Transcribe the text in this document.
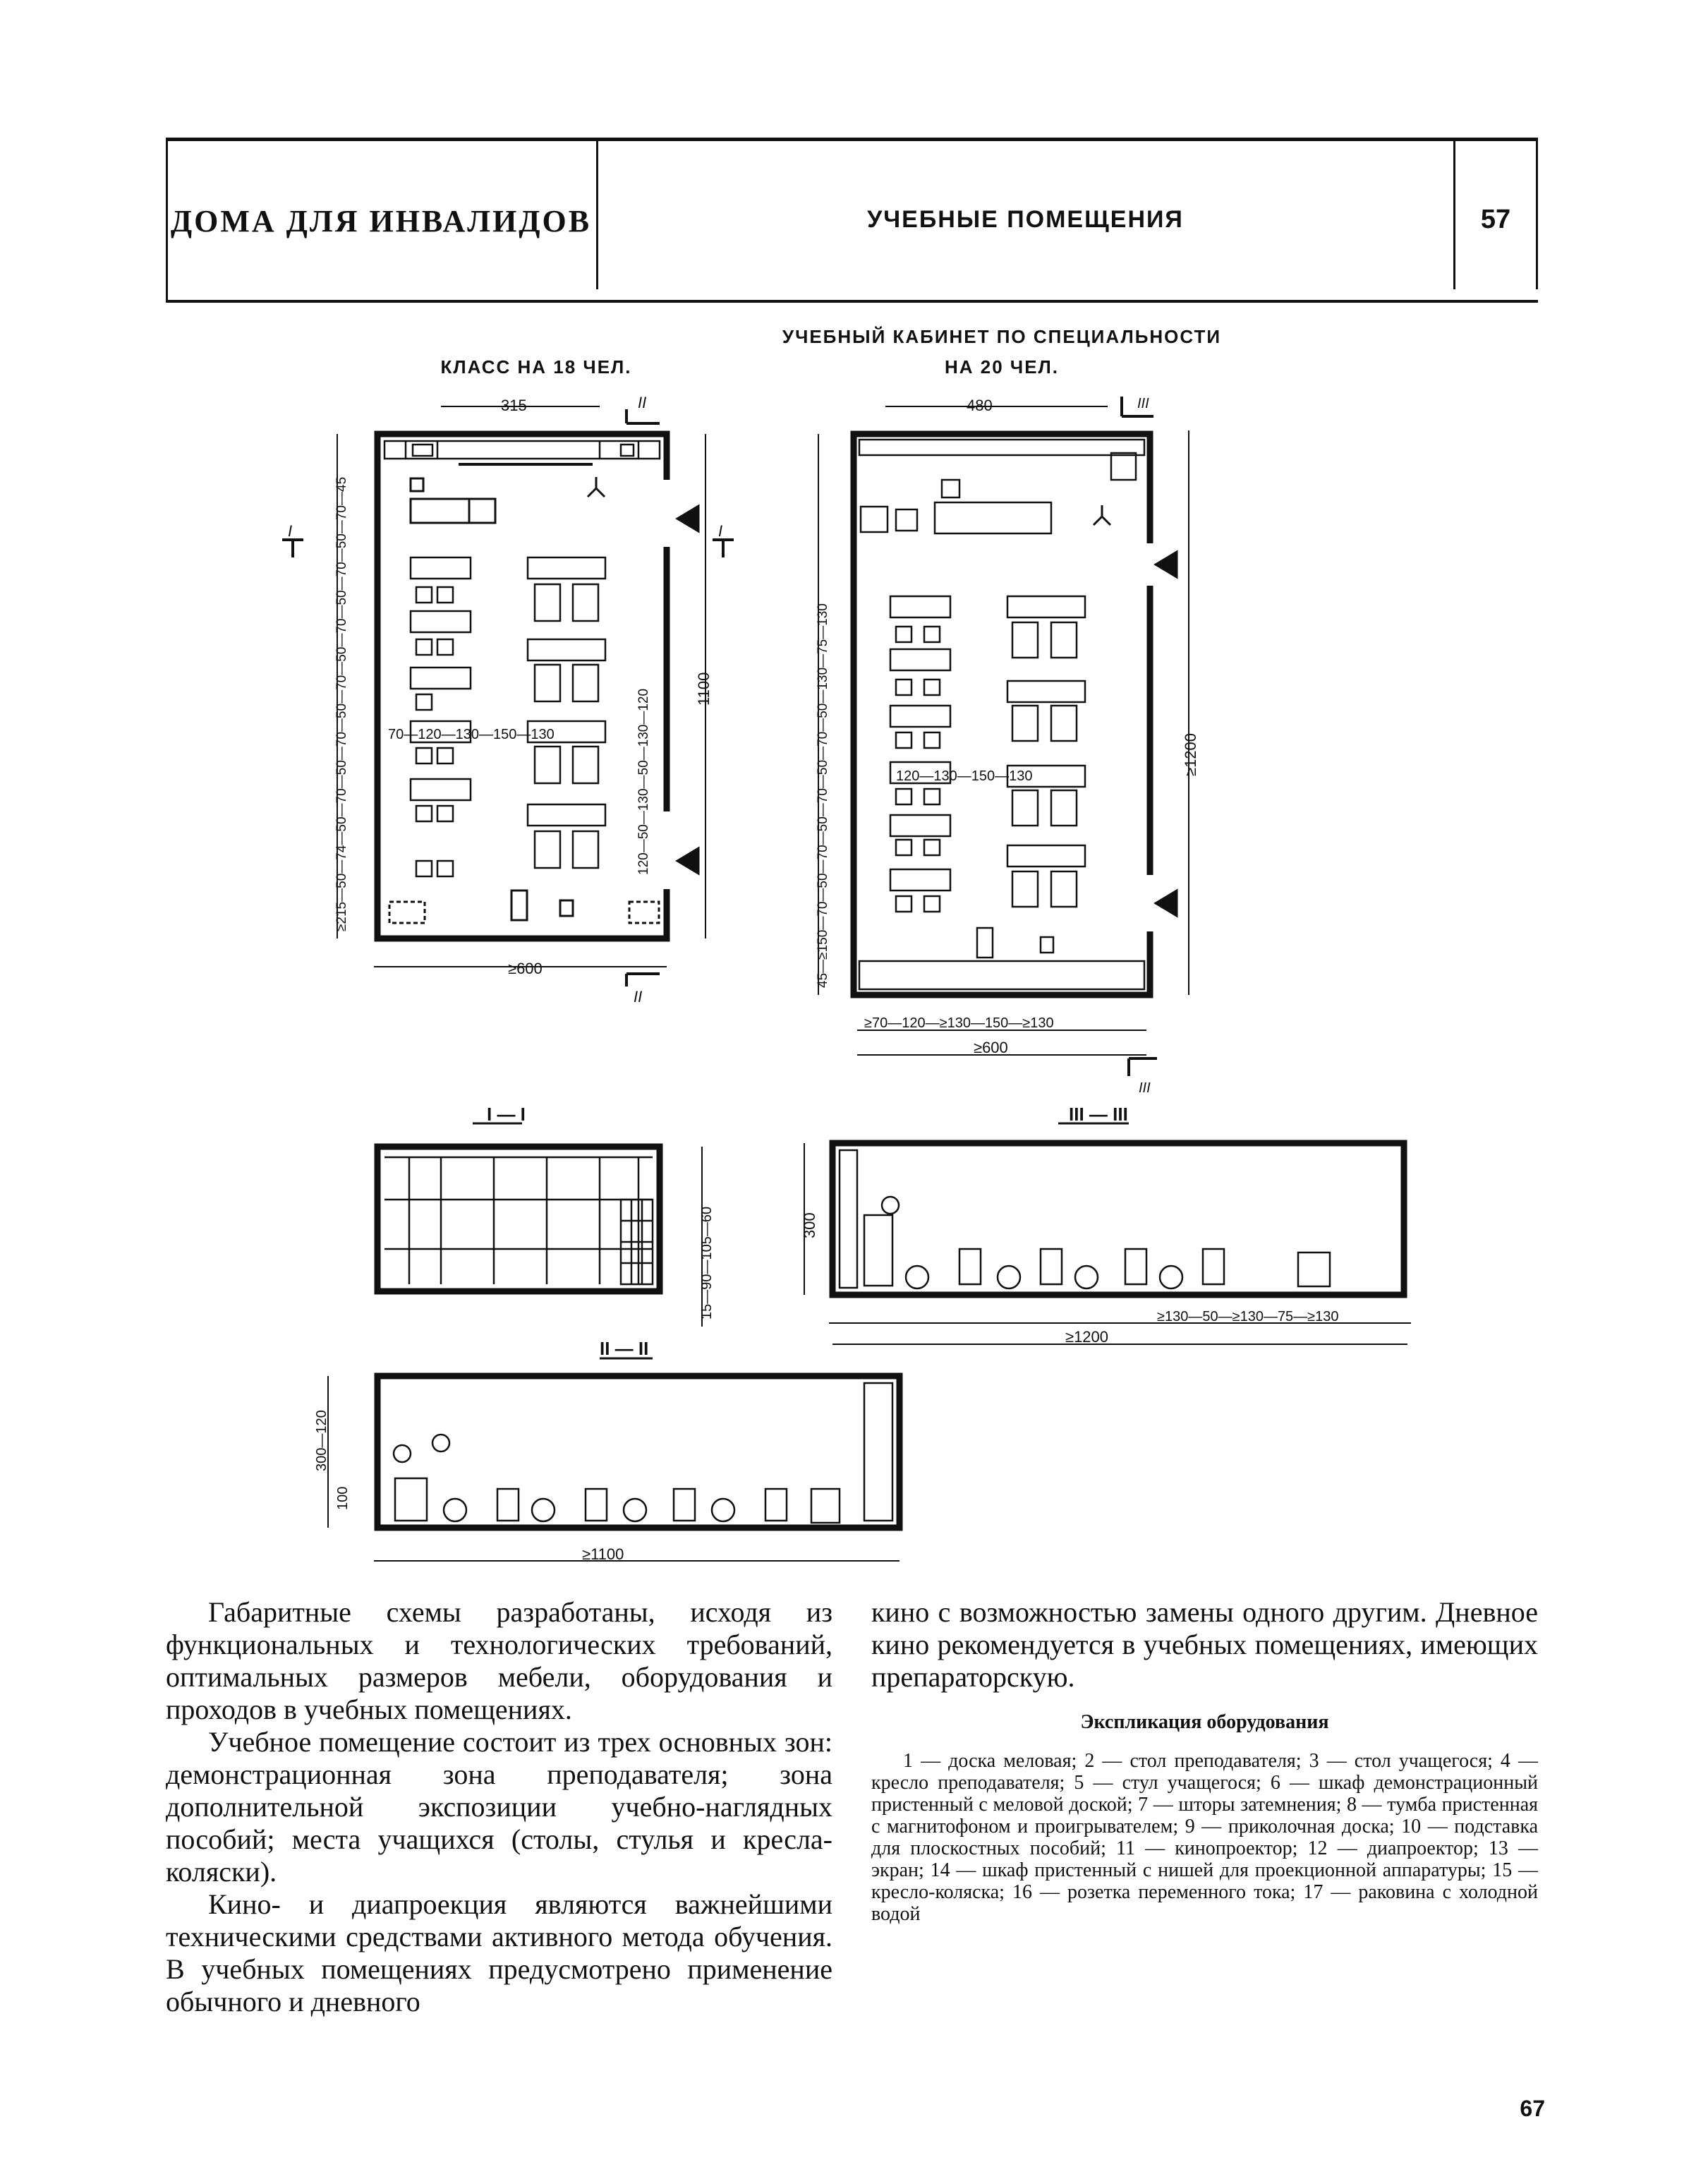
ДОМА ДЛЯ ИНВАЛИДОВ	УЧЕБНЫЕ ПОМЕЩЕНИЯ	57
КЛАСС НА 18 ЧЕЛ.
УЧЕБНЫЙ КАБИНЕТ ПО СПЕЦИАЛЬНОСТИ
НА 20 ЧЕЛ.
315
≥600
1100
≥215—50—74—50—70—50—70—50—70—50—70—50—70—50—70—45	70—120—130—150—130	120—50—130—50—130—120
480
≥70—120—≥130—150—≥130
≥600
≥1200
45—≥150—70—50—70—50—70—50—70—50—130—75—130	120—130—150—130
II
II
I	I
III
III
I — I
15—90—105—60
III — III
300
≥130—50—≥130—75—≥130
≥1200
II — II
300—120
100
≥1100

Габаритные схемы разработаны, исходя из функциональных и технологических требований, оптимальных размеров мебели, оборудования и проходов в учебных помещениях.

Учебное помещение состоит из трех основных зон: демонстрационная зона преподавателя; зона дополнительной экспозиции учебно-наглядных пособий; места учащихся (столы, стулья и кресла-коляски).

Кино- и диапроекция являются важнейшими техническими средствами активного метода обучения. В учебных помещениях предусмотрено применение обычного и дневного

кино с возможностью замены одного другим. Дневное кино рекомендуется в учебных помещениях, имеющих препараторскую.

Экспликация оборудования
1 — доска меловая; 2 — стол преподавателя; 3 — стол учащегося; 4 — кресло преподавателя; 5 — стул учащегося; 6 — шкаф демонстрационный пристенный с меловой доской; 7 — шторы затемнения; 8 — тумба пристенная с магнитофоном и проигрывателем; 9 — приколочная доска; 10 — подставка для плоскостных пособий; 11 — кинопроектор; 12 — диапроектор; 13 — экран; 14 — шкаф пристенный с нишей для проекционной аппаратуры; 15 — кресло-коляска; 16 — розетка переменного тока; 17 — раковина с холодной водой
67
